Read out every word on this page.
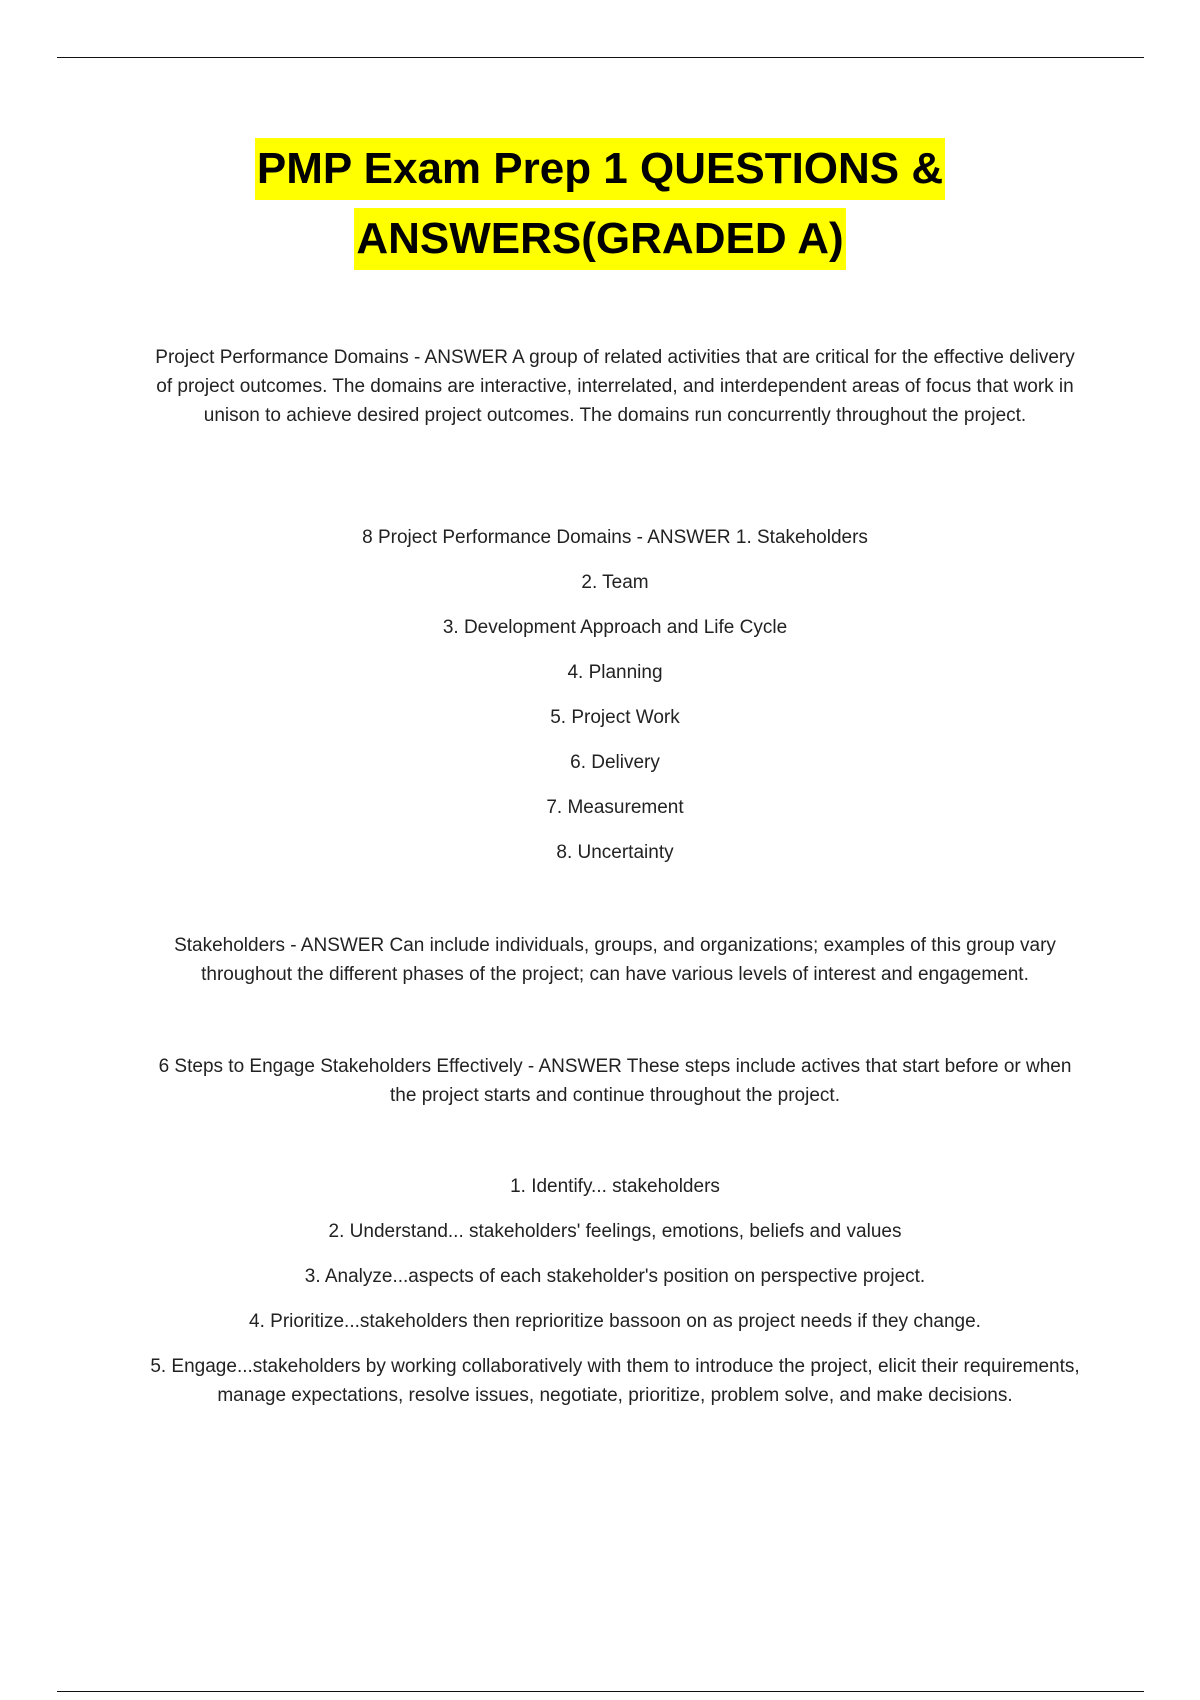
PMP Exam Prep 1 QUESTIONS &
ANSWERS(GRADED A)

Project Performance Domains - ANSWER A group of related activities that are critical for the effective delivery of project outcomes. The domains are interactive, interrelated, and interdependent areas of focus that work in unison to achieve desired project outcomes. The domains run concurrently throughout the project.

8 Project Performance Domains - ANSWER 1. Stakeholders

2. Team

3. Development Approach and Life Cycle

4. Planning

5. Project Work

6. Delivery

7. Measurement

8. Uncertainty

Stakeholders - ANSWER Can include individuals, groups, and organizations; examples of this group vary throughout the different phases of the project; can have various levels of interest and engagement.

6 Steps to Engage Stakeholders Effectively - ANSWER These steps include actives that start before or when the project starts and continue throughout the project.

1. Identify... stakeholders

2. Understand... stakeholders' feelings, emotions, beliefs and values

3. Analyze...aspects of each stakeholder's position on perspective project.

4. Prioritize...stakeholders then reprioritize bassoon on as project needs if they change.

5. Engage...stakeholders by working collaboratively with them to introduce the project, elicit their requirements, manage expectations, resolve issues, negotiate, prioritize, problem solve, and make decisions.
